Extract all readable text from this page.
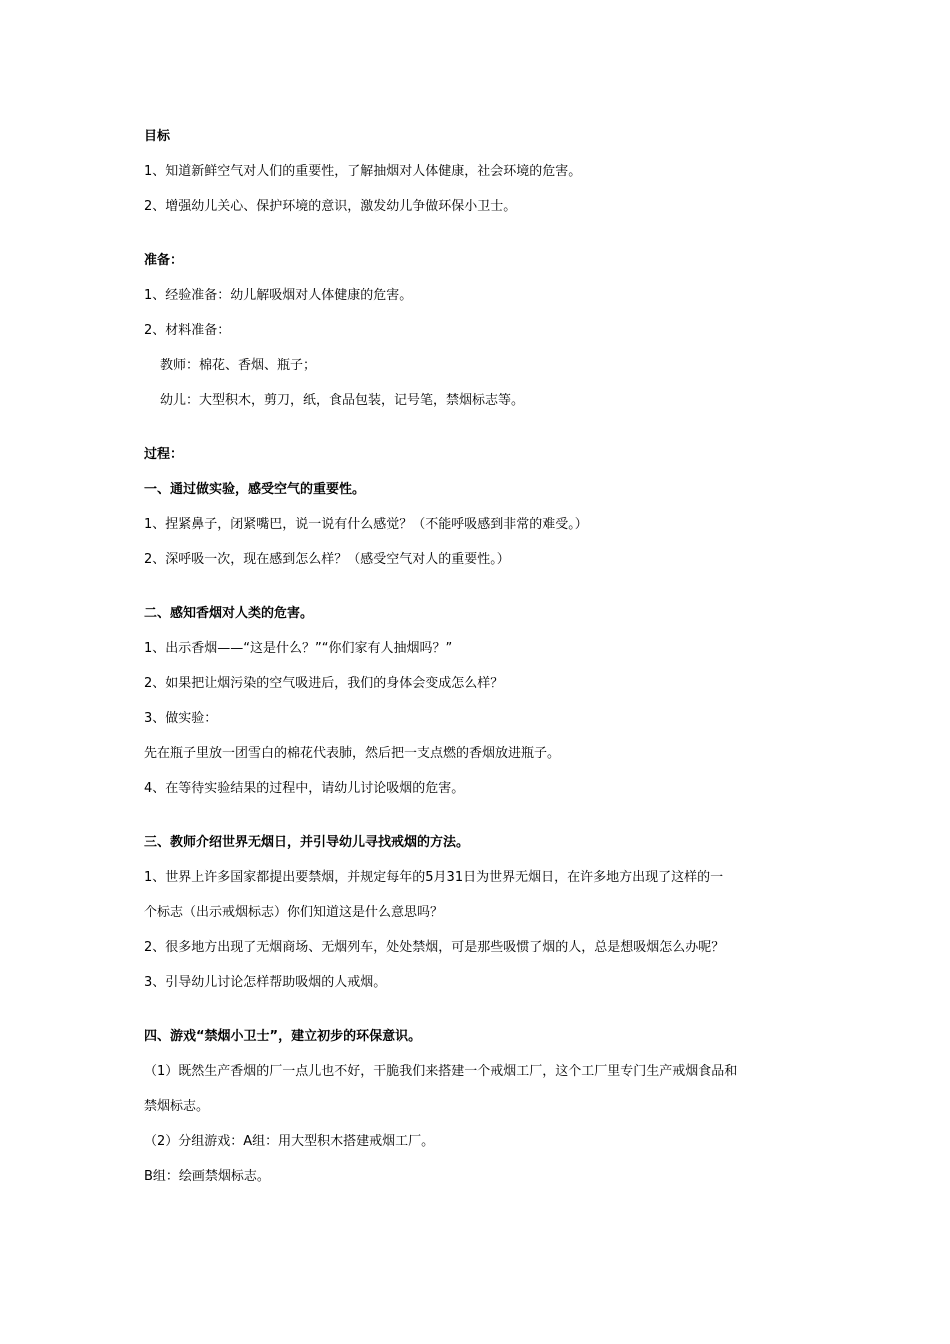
目标
1、知道新鲜空气对人们的重要性，了解抽烟对人体健康，社会环境的危害。
2、增强幼儿关心、保护环境的意识，激发幼儿争做环保小卫士。
准备：
1、经验准备：幼儿解吸烟对人体健康的危害。
2、材料准备：
教师：棉花、香烟、瓶子；
幼儿：大型积木，剪刀，纸，食品包装，记号笔，禁烟标志等。
过程：
一、通过做实验，感受空气的重要性。
1、捏紧鼻子，闭紧嘴巴，说一说有什么感觉？（不能呼吸感到非常的难受。）
2、深呼吸一次，现在感到怎么样？（感受空气对人的重要性。）
二、感知香烟对人类的危害。
1、出示香烟——“这是什么？”“你们家有人抽烟吗？”
2、如果把让烟污染的空气吸进后，我们的身体会变成怎么样？
3、做实验：
先在瓶子里放一团雪白的棉花代表肺，然后把一支点燃的香烟放进瓶子。
4、在等待实验结果的过程中，请幼儿讨论吸烟的危害。
三、教师介绍世界无烟日，并引导幼儿寻找戒烟的方法。
1、世界上许多国家都提出要禁烟，并规定每年的5月31日为世界无烟日，在许多地方出现了这样的一
个标志（出示戒烟标志）你们知道这是什么意思吗？
2、很多地方出现了无烟商场、无烟列车，处处禁烟，可是那些吸惯了烟的人，总是想吸烟怎么办呢？
3、引导幼儿讨论怎样帮助吸烟的人戒烟。
四、游戏“禁烟小卫士”，建立初步的环保意识。
（1）既然生产香烟的厂一点儿也不好，干脆我们来搭建一个戒烟工厂，这个工厂里专门生产戒烟食品和
禁烟标志。
（2）分组游戏：A组：用大型积木搭建戒烟工厂。
B组：绘画禁烟标志。
